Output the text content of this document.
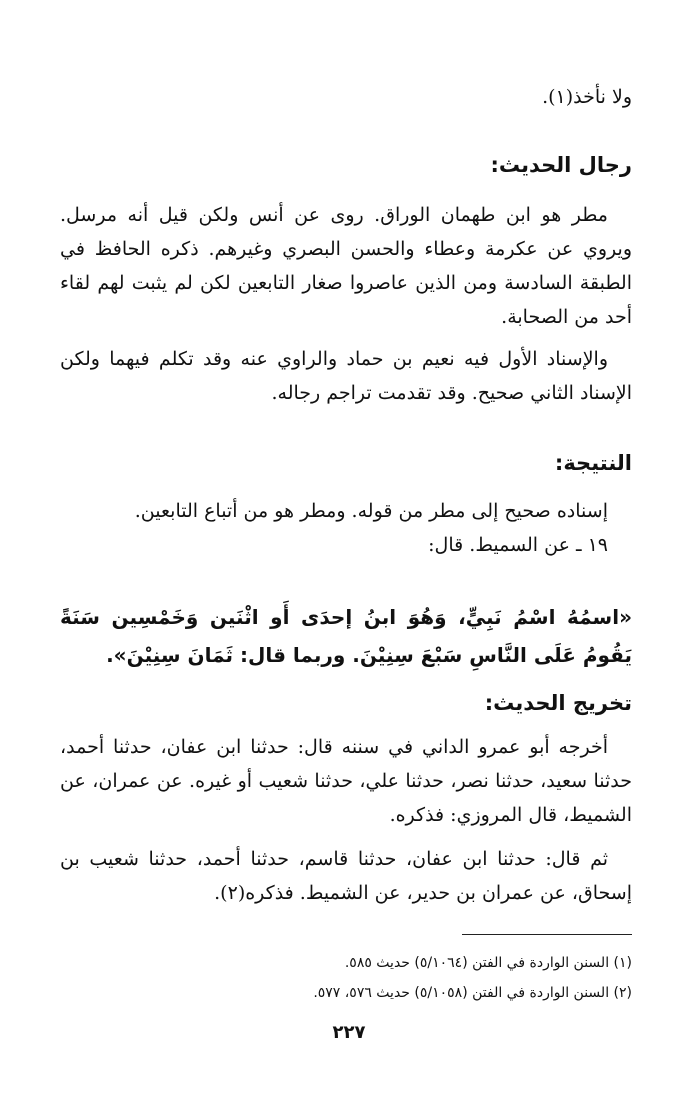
ولا نأخذ(١).

رجال الحديث:

مطر هو ابن طهمان الوراق. روى عن أنس ولكن قيل أنه مرسل. ويروي عن عكرمة وعطاء والحسن البصري وغيرهم. ذكره الحافظ في الطبقة السادسة ومن الذين عاصروا صغار التابعين لكن لم يثبت لهم لقاء أحد من الصحابة.

والإسناد الأول فيه نعيم بن حماد والراوي عنه وقد تكلم فيهما ولكن الإسناد الثاني صحيح. وقد تقدمت تراجم رجاله.

النتيجة:

إسناده صحيح إلى مطر من قوله. ومطر هو من أتباع التابعين.

١٩ ـ عن السميط. قال:

«اسمُهُ اسْمُ نَبِيٍّ، وَهُوَ ابنُ إحدَى أَو اثْنَين وَخَمْسِين سَنَةً يَقُومُ عَلَى النَّاسِ سَبْعَ سِنِيْنَ. وربما قال: ثَمَانَ سِنِيْنَ».

تخريج الحديث:

أخرجه أبو عمرو الداني في سننه قال: حدثنا ابن عفان، حدثنا أحمد، حدثنا سعيد، حدثنا نصر، حدثنا علي، حدثنا شعيب أو غيره. عن عمران، عن الشميط، قال المروزي: فذكره.

ثم قال: حدثنا ابن عفان، حدثنا قاسم، حدثنا أحمد، حدثنا شعيب بن إسحاق، عن عمران بن حدير، عن الشميط. فذكره(٢).

(١) السنن الواردة في الفتن (٥/١٠٦٤) حديث ٥٨٥.
(٢) السنن الواردة في الفتن (٥/١٠٥٨) حديث ٥٧٦، ٥٧٧.
٢٢٧
